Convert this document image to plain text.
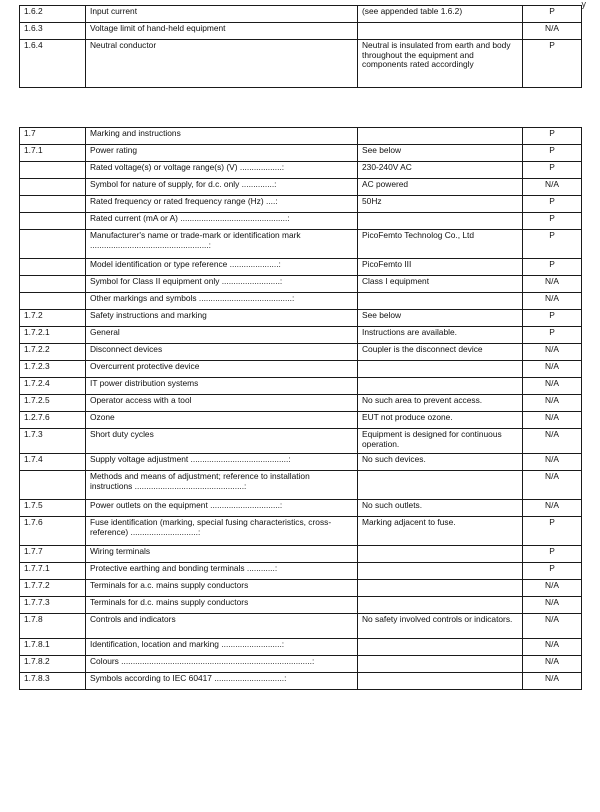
y
1.6.2	Input current	(see appended table 1.6.2)	P
1.6.3	Voltage limit of hand-held equipment		N/A
1.6.4	Neutral conductor	Neutral is insulated from earth and body throughout the equipment and components rated accordingly	P
1.7	Marking and instructions		P
1.7.1	Power rating	See below	P
	Rated voltage(s) or voltage range(s) (V) ..................:	230-240V AC	P
	Symbol for nature of supply, for d.c. only ..............:	AC powered	N/A
	Rated frequency or rated frequency range (Hz) ....:	50Hz	P
	Rated current (mA or A) ..............................................:		P
	Manufacturer's name or trade-mark or identification mark ...................................................:	PicoFemto Technolog Co., Ltd	P
	Model identification or type reference .....................:	PicoFemto III	P
	Symbol for Class II equipment only .........................:	Class I equipment	N/A
	Other markings and symbols ........................................:		N/A
1.7.2	Safety instructions and marking	See below	P
1.7.2.1	General	Instructions are available.	P
1.7.2.2	Disconnect devices	Coupler is the disconnect device	N/A
1.7.2.3	Overcurrent protective device		N/A
1.7.2.4	IT power distribution systems		N/A
1.7.2.5	Operator access with a tool	No such area to prevent access.	N/A
1.2.7.6	Ozone	EUT not produce ozone.	N/A
1.7.3	Short duty cycles	Equipment is designed for continuous operation.	N/A
1.7.4	Supply voltage adjustment ..........................................:	No such devices.	N/A
	Methods and means of adjustment; reference to installation instructions ...............................................:		N/A
1.7.5	Power outlets on the equipment ..............................:	No such outlets.	N/A
1.7.6	Fuse identification (marking, special fusing characteristics, cross-reference) .............................:	Marking adjacent to fuse.	P
1.7.7	Wiring terminals		P
1.7.7.1	Protective earthing and bonding terminals ............:		P
1.7.7.2	Terminals for a.c. mains supply conductors		N/A
1.7.7.3	Terminals for d.c. mains supply conductors		N/A
1.7.8	Controls and indicators	No safety involved controls or indicators.	N/A
1.7.8.1	Identification, location and marking ..........................:		N/A
1.7.8.2	Colours ..................................................................................:		N/A
1.7.8.3	Symbols according to IEC 60417 ..............................:		N/A
